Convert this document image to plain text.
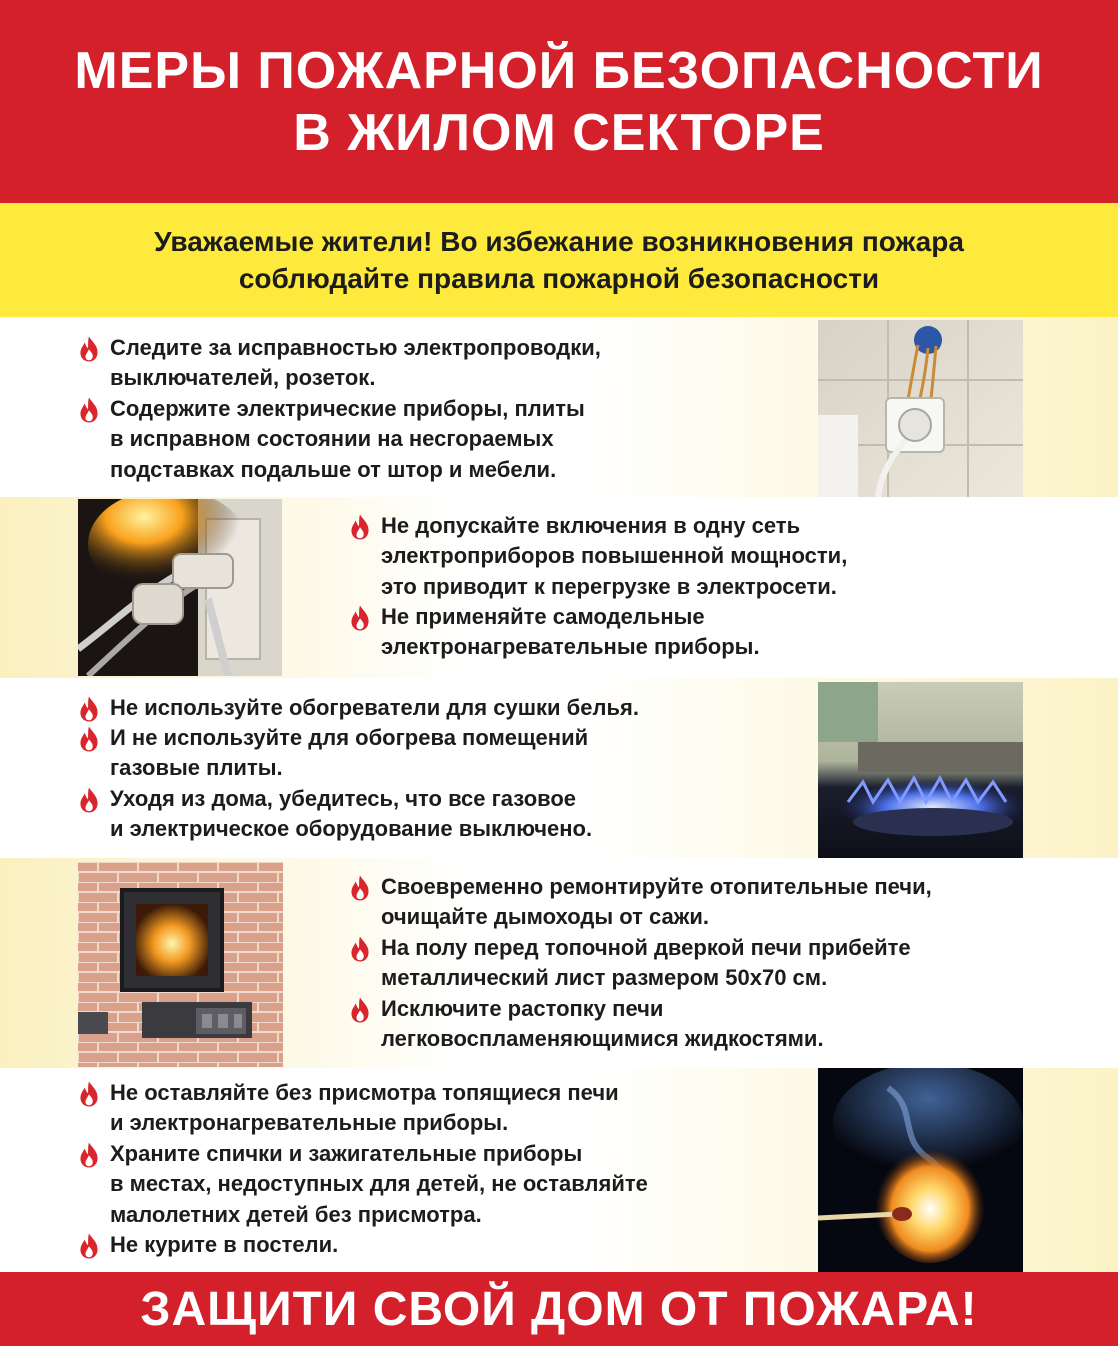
МЕРЫ ПОЖАРНОЙ БЕЗОПАСНОСТИ
В ЖИЛОМ СЕКТОРЕ
Уважаемые жители! Во избежание возникновения пожара
соблюдайте правила пожарной безопасности
Следите за исправностью электропроводки,
выключателей, розеток.
Содержите электрические приборы, плиты
в исправном состоянии на несгораемых
подставках подальше от штор и мебели.
Не допускайте включения в одну сеть
электроприборов повышенной мощности,
это приводит к перегрузке в электросети.
Не применяйте самодельные
электронагревательные приборы.
Не используйте обогреватели для сушки белья.
И не используйте для обогрева помещений
газовые плиты.
Уходя из дома, убедитесь, что все газовое
и электрическое оборудование выключено.
Своевременно ремонтируйте отопительные печи,
очищайте дымоходы от сажи.
На полу перед топочной дверкой печи прибейте
металлический лист размером 50х70 см.
Исключите растопку печи
легковоспламеняющимися жидкостями.
Не оставляйте без присмотра топящиеся печи
и электронагревательные приборы.
Храните спички и зажигательные приборы
в местах, недоступных для детей, не оставляйте
малолетних детей без присмотра.
Не курите в постели.
ЗАЩИТИ СВОЙ ДОМ ОТ ПОЖАРА!
